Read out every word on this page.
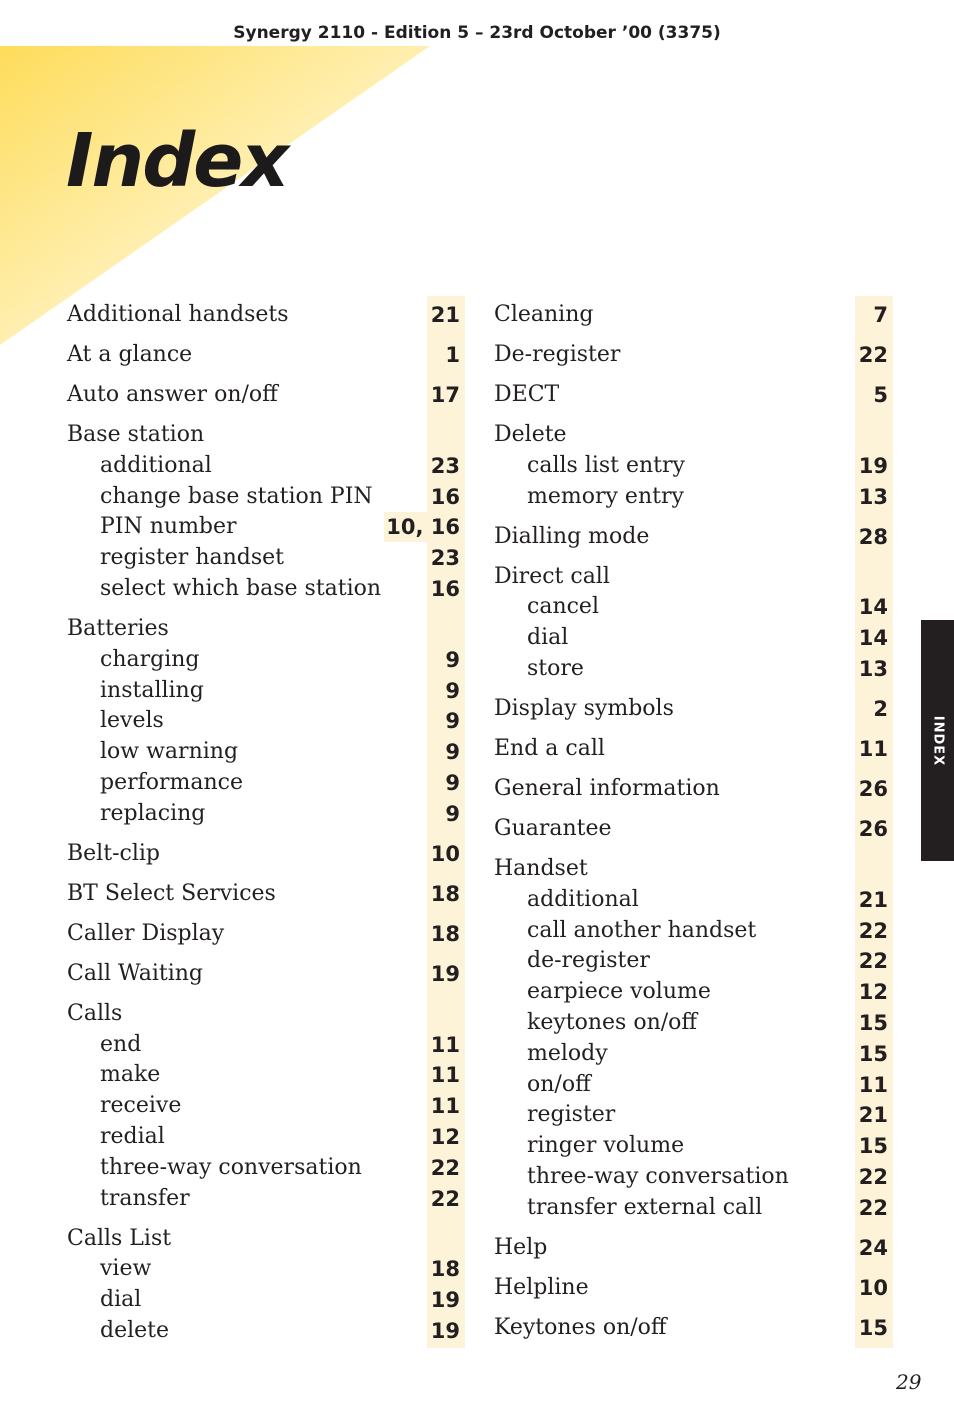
Synergy 2110 - Edition 5 – 23rd October ’00 (3375)
Index
Additional handsets	21
At a glance	1
Auto answer on/off	17
Base station
additional	23
change base station PIN	16
PIN number	10, 16
register handset	23
select which base station 16
Batteries
charging	9
installing	9
levels	9
low warning	9
performance	9
replacing	9
Belt-clip	10
BT Select Services	18
Caller Display	18
Call Waiting	19
Calls
end	11
make	11
receive	11
redial	12
three-way conversation	22
transfer	22
Calls List
view	18
dial	19
delete	19
Cleaning	7
De-register	22
DECT	5
Delete
calls list entry	19
memory entry	13
Dialling mode	28
Direct call
cancel	14
dial	14
store	13
Display symbols	2
End a call	11
General information	26
Guarantee	26
Handset
additional	21
call another handset	22
de-register	22
earpiece volume	12
keytones on/off	15
melody	15
on/off	11
register	21
ringer volume	15
three-way conversation	22
transfer external call	22
Help	24
Helpline	10
Keytones on/off	15
INDEX
29
